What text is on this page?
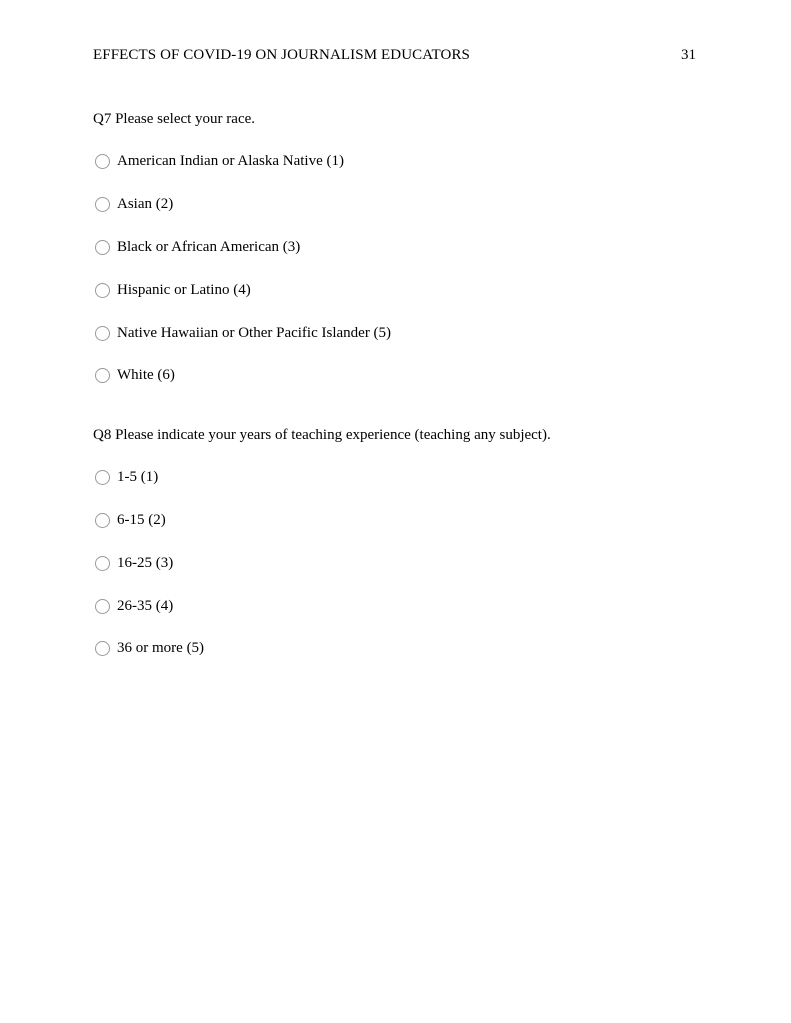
EFFECTS OF COVID-19 ON JOURNALISM EDUCATORS	31
Q7 Please select your race.
American Indian or Alaska Native (1)
Asian (2)
Black or African American (3)
Hispanic or Latino (4)
Native Hawaiian or Other Pacific Islander (5)
White (6)
Q8 Please indicate your years of teaching experience (teaching any subject).
1-5 (1)
6-15 (2)
16-25 (3)
26-35 (4)
36 or more (5)
